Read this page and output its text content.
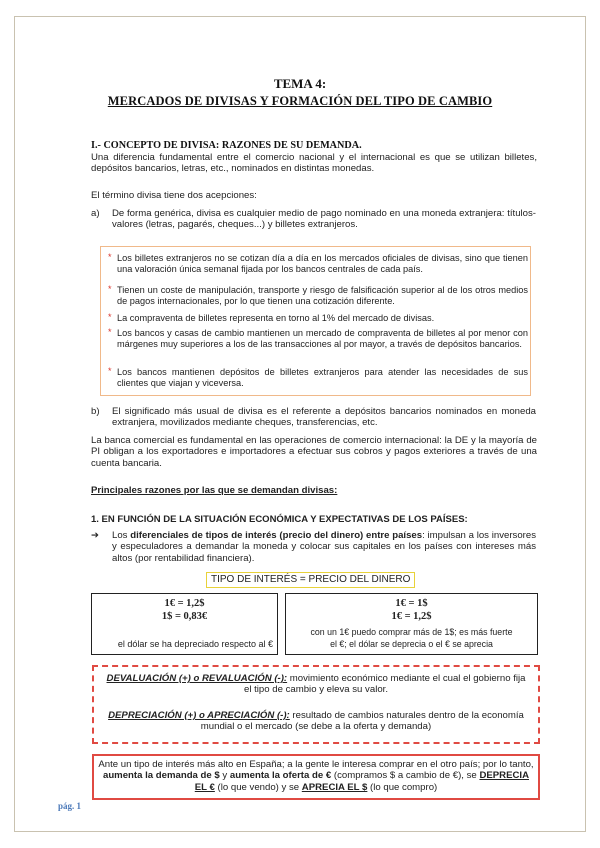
TEMA 4:
MERCADOS DE DIVISAS Y FORMACIÓN DEL TIPO DE CAMBIO
I.- CONCEPTO DE DIVISA: RAZONES DE SU DEMANDA.
Una diferencia fundamental entre el comercio nacional y el internacional es que se utilizan billetes, depósitos bancarios, letras, etc., nominados en distintas monedas.
El término divisa tiene dos acepciones:
a) De forma genérica, divisa es cualquier medio de pago nominado en una moneda extranjera: títulos-valores (letras, pagarés, cheques...) y billetes extranjeros.
* Los billetes extranjeros no se cotizan día a día en los mercados oficiales de divisas, sino que tienen una valoración única semanal fijada por los bancos centrales de cada país.
* Tienen un coste de manipulación, transporte y riesgo de falsificación superior al de los otros medios de pagos internacionales, por lo que tienen una cotización diferente.
* La compraventa de billetes representa en torno al 1% del mercado de divisas.
* Los bancos y casas de cambio mantienen un mercado de compraventa de billetes al por menor con márgenes muy superiores a los de las transacciones al por mayor, a través de depósitos bancarios.
* Los bancos mantienen depósitos de billetes extranjeros para atender las necesidades de sus clientes que viajan y viceversa.
b) El significado más usual de divisa es el referente a depósitos bancarios nominados en moneda extranjera, movilizados mediante cheques, transferencias, etc.
La banca comercial es fundamental en las operaciones de comercio internacional: la DE y la mayoría de PI obligan a los exportadores e importadores a efectuar sus cobros y pagos exteriores a través de una cuenta bancaria.
Principales razones por las que se demandan divisas:
1. EN FUNCIÓN DE LA SITUACIÓN ECONÓMICA Y EXPECTATIVAS DE LOS PAÍSES:
➔ Los diferenciales de tipos de interés (precio del dinero) entre países: impulsan a los inversores y especuladores a demandar la moneda y colocar sus capitales en los países con intereses más altos (por rentabilidad financiera).
TIPO DE INTERÉS = PRECIO DEL DINERO
1€ = 1,2$
1$ = 0,83€
el dólar se ha depreciado respecto al €
1€ = 1$
1€ = 1,2$
con un 1€ puedo comprar más de 1$; es más fuerte
el €; el dólar se deprecia o el € se aprecia
DEVALUACIÓN (+) o REVALUACIÓN (-): movimiento económico mediante el cual el gobierno fija el tipo de cambio y eleva su valor.
DEPRECIACIÓN (+) o APRECIACIÓN (-): resultado de cambios naturales dentro de la economía mundial o el mercado (se debe a la oferta y demanda)
Ante un tipo de interés más alto en España; a la gente le interesa comprar en el otro país; por lo tanto, aumenta la demanda de $ y aumenta la oferta de € (compramos $ a cambio de €), se DEPRECIA EL € (lo que vendo) y se APRECIA EL $ (lo que compro)
pág. 1
